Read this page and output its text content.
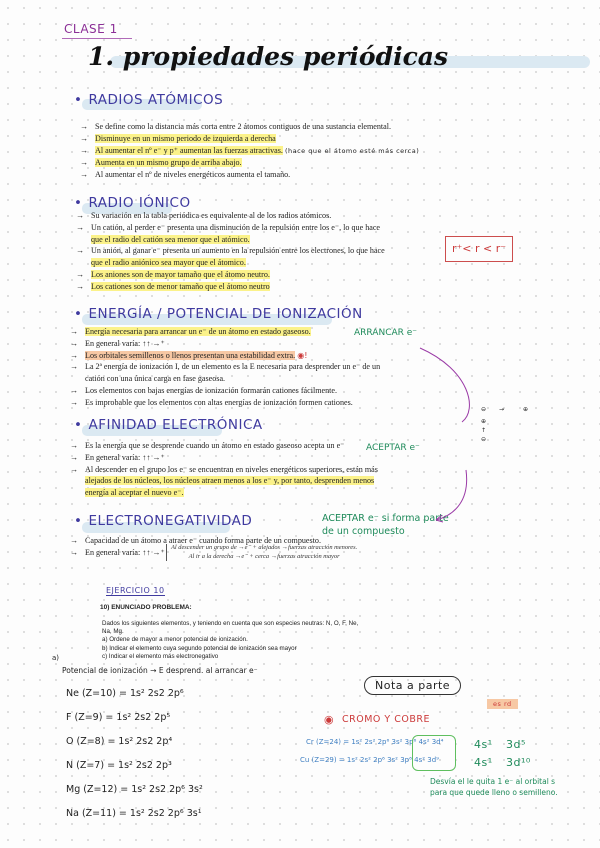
CLASE 1
1. propiedades periódicas
• RADIOS ATÓMICOS
→ Se define como la distancia más corta entre 2 átomos contiguos de una sustancia elemental.
→ Disminuye en un mismo periodo de izquierda a derecha
→ Al aumentar el nº e⁻ y p⁺ aumentan las fuerzas atractivas. (hace que el átomo esté más cerca)
→ Aumenta en un mismo grupo de arriba abajo.
→ Al aumentar el nº de niveles energéticos aumenta el tamaño.
• RADIO IÓNICO
→ Su variación en la tabla periódica es equivalente al de los radios atómicos.
→ Un catión, al perder e⁻ presenta una disminución de la repulsión entre los e⁻, lo que hace
que el radio del catión sea menor que el atómico.
→ Un anión, al ganar e⁻ presenta un aumento en la repulsión entre los electrones, lo que hace
que el radio aniónico sea mayor que el átomico.
→ Los aniones son de mayor tamaño que el átomo neutro.
→ Los cationes son de menor tamaño que el átomo neutro
r⁺< r < r⁻
• ENERGÍA / POTENCIAL DE IONIZACIÓN
→ Energía necesaria para arrancar un e⁻ de un átomo en estado gaseoso.
→ En general varía: ↑↑ →⁺
→ Los orbitales semillenos o llenos presentan una estabilidad extra. ◉!
→ La 2ª energía de ionización I, de un elemento es la E necesaria para desprender un e⁻ de un
catión con una única carga en fase gaseosa.
→ Los elementos con bajas energías de ionización formarán cationes fácilmente.
→ Es improbable que los elementos con altas energías de ionización formen cationes.
ARRANCAR e⁻
• AFINIDAD ELECTRÓNICA
→ Es la energía que se desprende cuando un átomo en estado gaseoso acepta un e⁻
→ En general varía: ↑↑ →⁺
→ Al descender en el grupo los e⁻ se encuentran en niveles energéticos superiores, están más
alejados de los núcleos, los núcleos atraen menos a los e⁻ y, por tanto, desprenden menos
energía al aceptar el nuevo e⁻.
ACEPTAR e⁻
• ELECTRONEGATIVIDAD
→ Capacidad de un átomo a atraer e⁻ cuando forma parte de un compuesto.
→ En general varía: ↑↑ →⁺
Al descender un grupo de →e⁻ + alejados →fuerzas atracción menores.
Al ir a la derecha →e⁻ + cerca →fuerzas atracción mayor
ACEPTAR e⁻ si forma parte de un compuesto
⊖ →	⊕
⊕
↑
⊖
EJERCICIO 10
10) ENUNCIADO PROBLEMA:
Dados los siguientes elementos, y teniendo en cuenta que son especies neutras: N, O, F, Ne,
Na, Mg.
a) Ordene de mayor a menor potencial de ionización.
b) Indicar el elemento cuya segundo potencial de ionización sea mayor
c) Indicar el elemento más electronegativo
a)
Potencial de ionización → E desprend. al arrancar e⁻
Ne (Z=10) = 1s² 2s2 2p⁶
F (Z=9) = 1s² 2s2 2p⁵
O (Z=8) = 1s² 2s2 2p⁴
N (Z=7) = 1s² 2s2 2p³
Mg (Z=12) = 1s² 2s2 2p⁶ 3s²
Na (Z=11) = 1s² 2s2 2p⁶ 3s¹
Nota a parte
es rd
◉ CROMO Y COBRE
Cr (Z=24) = 1s² 2s² 2p⁶ 3s² 3p⁶ 4s² 3d⁴
Cu (Z=29) = 1s² 2s² 2p⁶ 3s² 3p⁶ 4s² 3d⁹
4s¹ 3d⁵
4s¹ 3d¹⁰
Desvía el le quita 1 e⁻ al orbital s para que quede lleno o semilleno.
